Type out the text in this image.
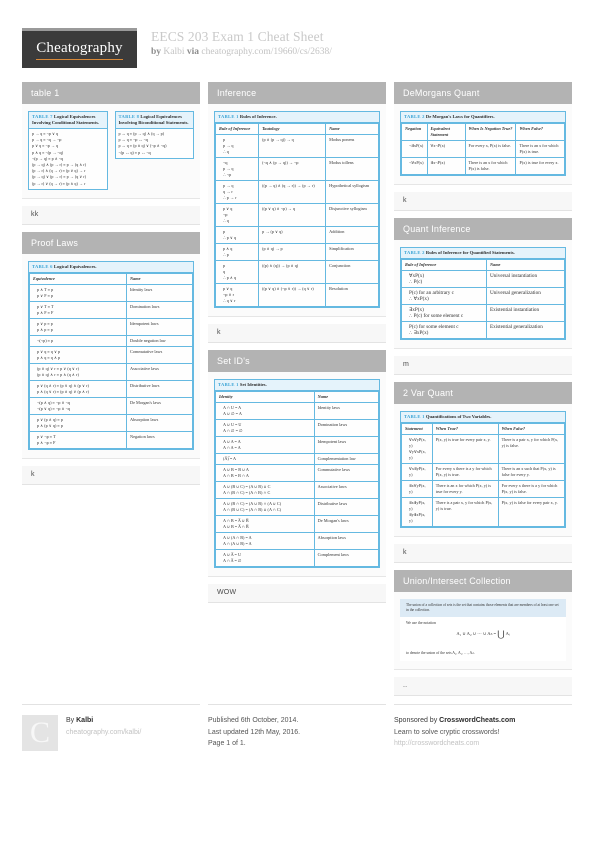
Cheatography
EECS 203 Exam 1 Cheat Sheet
by Kalbi via cheatography.com/19660/cs/2638/
table 1
TABLE 7 Logical Equivalences Involving Conditional Statements.
p → q ≡ ¬p ∨ q
p → q ≡ ¬q → ¬p
p ∨ q ≡ ¬p → q
p ∧ q ≡ ¬(p → ¬q)
¬(p → q) ≡ p ∧ ¬q
(p → q) ∧ (p → r) ≡ p → (q ∧ r)
(p → r) ∧ (q → r) ≡ (p ∨ q) → r
(p → q) ∨ (p → r) ≡ p → (q ∨ r)
(p → r) ∨ (q → r) ≡ (p ∧ q) → r
TABLE 8 Logical Equivalences Involving Biconditional Statements.
p ↔ q ≡ (p → q) ∧ (q → p)
p ↔ q ≡ ¬p ↔ ¬q
p ↔ q ≡ (p ∧ q) ∨ (¬p ∧ ¬q)
¬(p ↔ q) ≡ p ↔ ¬q
kk
Proof Laws
TABLE 6 Logical Equivalences.
Equivalence	Name

p ∧ T ≡ p
p ∨ F ≡ p	Identity laws

p ∨ T ≡ T
p ∧ F ≡ F	Domination laws

p ∨ p ≡ p
p ∧ p ≡ p	Idempotent laws

¬(¬p) ≡ p	Double negation law

p ∨ q ≡ q ∨ p
p ∧ q ≡ q ∧ p	Commutative laws

(p ∨ q) ∨ r ≡ p ∨ (q ∨ r)
(p ∧ q) ∧ r ≡ p ∧ (q ∧ r)	Associative laws

p ∨ (q ∧ r) ≡ (p ∨ q) ∧ (p ∨ r)
p ∧ (q ∨ r) ≡ (p ∧ q) ∨ (p ∧ r)	Distributive laws

¬(p ∧ q) ≡ ¬p ∨ ¬q
¬(p ∨ q) ≡ ¬p ∧ ¬q	De Morgan's laws

p ∨ (p ∧ q) ≡ p
p ∧ (p ∨ q) ≡ p	Absorption laws

p ∨ ¬p ≡ T
p ∧ ¬p ≡ F	Negation laws
k
Inference
TABLE 1 Rules of Inference.
Rule of Inference	Tautology	Name

p
p → q
∴ q	(p ∧ (p → q)) → q	Modus ponens

¬q
p → q
∴ ¬p	(¬q ∧ (p → q)) → ¬p	Modus tollens

p → q
q → r
∴ p → r	((p → q) ∧ (q → r)) → (p → r)	Hypothetical syllogism

p ∨ q
¬p
∴ q	((p ∨ q) ∧ ¬p) → q	Disjunctive syllogism

p
∴ p ∨ q	p → (p ∨ q)	Addition

p ∧ q
∴ p	(p ∧ q) → p	Simplification

p
q
∴ p ∧ q	((p) ∧ (q)) → (p ∧ q)	Conjunction

p ∨ q
¬p ∨ r
∴ q ∨ r	((p ∨ q) ∧ (¬p ∨ r)) → (q ∨ r)	Resolution
k
Set ID's
TABLE 1 Set Identities.
Identity	Name

A ∩ U = A
A ∪ ∅ = A	Identity laws

A ∪ U = U
A ∩ ∅ = ∅	Domination laws

A ∪ A = A
A ∩ A = A	Idempotent laws

(A̅)̅ = A	Complementation law

A ∪ B = B ∪ A
A ∩ B = B ∩ A	Commutative laws

A ∪ (B ∪ C) = (A ∪ B) ∪ C
A ∩ (B ∩ C) = (A ∩ B) ∩ C	Associative laws

A ∪ (B ∩ C) = (A ∪ B) ∩ (A ∪ C)
A ∩ (B ∪ C) = (A ∩ B) ∪ (A ∩ C)	Distributive laws

A ∩ B = A̅ ∪ B̅
A ∪ B = A̅ ∩ B̅	De Morgan's laws

A ∪ (A ∩ B) = A
A ∩ (A ∪ B) = A	Absorption laws

A ∪ A̅ = U
A ∩ A̅ = ∅	Complement laws
WOW
DeMorgans Quant
TABLE 2 De Morgan's Laws for Quantifiers.
Negation	Equivalent Statement	When Is Negation True?	When False?

¬∃xP(x)	∀x¬P(x)	For every x, P(x) is false.	There is an x for which P(x) is true.

¬∀xP(x)	∃x¬P(x)	There is an x for which P(x) is false.	P(x) is true for every x.
k
Quant Inference
TABLE 2 Rules of Inference for Quantified Statements.
Rule of Inference	Name

∀xP(x)
∴ P(c)	Universal instantiation

P(c) for an arbitrary c
∴ ∀xP(x)	Universal generalization

∃xP(x)
∴ P(c) for some element c	Existential instantiation

P(c) for some element c
∴ ∃xP(x)	Existential generalization
m
2 Var Quant
TABLE 1 Quantifications of Two Variables.
Statement	When True?	When False?

∀x∀yP(x, y)
∀y∀xP(x, y)	P(x, y) is true for every pair x, y.	There is a pair x, y for which P(x, y) is false.

∀x∃yP(x, y)	For every x there is a y for which P(x, y) is true.	There is an x such that P(x, y) is false for every y.

∃x∀yP(x, y)	There is an x for which P(x, y) is true for every y.	For every x there is a y for which P(x, y) is false.

∃x∃yP(x, y)
∃y∃xP(x, y)	There is a pair x, y for which P(x, y) is true.	P(x, y) is false for every pair x, y.
k
Union/Intersect Collection
The union of a collection of sets is the set that contains those elements that are members of at least one set in the collection.
We use the notation
A₁ ∪ A₂ ∪ ⋯ ∪ Aₙ = ⋃ Aᵢ
to denote the union of the sets A₁, A₂, …, Aₙ.
..
C	By Kalbi
cheatography.com/kalbi/
Published 6th October, 2014.
Last updated 12th May, 2016.
Page 1 of 1.
Sponsored by CrosswordCheats.com
Learn to solve cryptic crosswords!
http://crosswordcheats.com
